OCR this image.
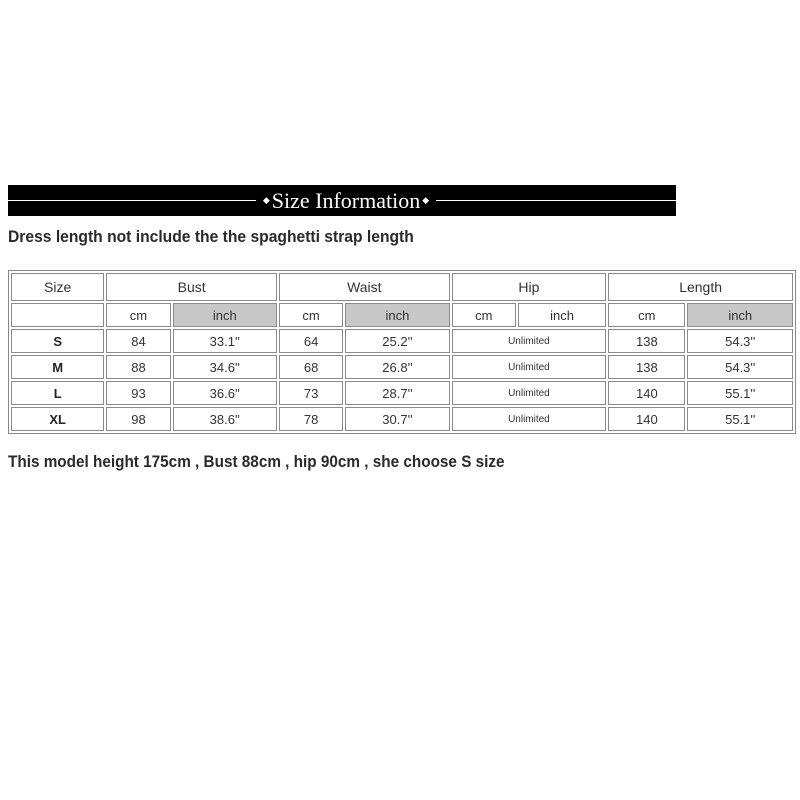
◆ Size Information ◆
Dress length not include the the spaghetti strap length
Size	Bust		Waist		Hip		Length	
	cm	inch	cm	inch	cm	inch	cm	inch
S	84	33.1''	64	25.2''	Unlimited		138	54.3''
M	88	34.6''	68	26.8''	Unlimited		138	54.3''
L	93	36.6''	73	28.7''	Unlimited		140	55.1''
XL	98	38.6''	78	30.7''	Unlimited		140	55.1''
This model height 175cm , Bust 88cm , hip 90cm , she choose S size
